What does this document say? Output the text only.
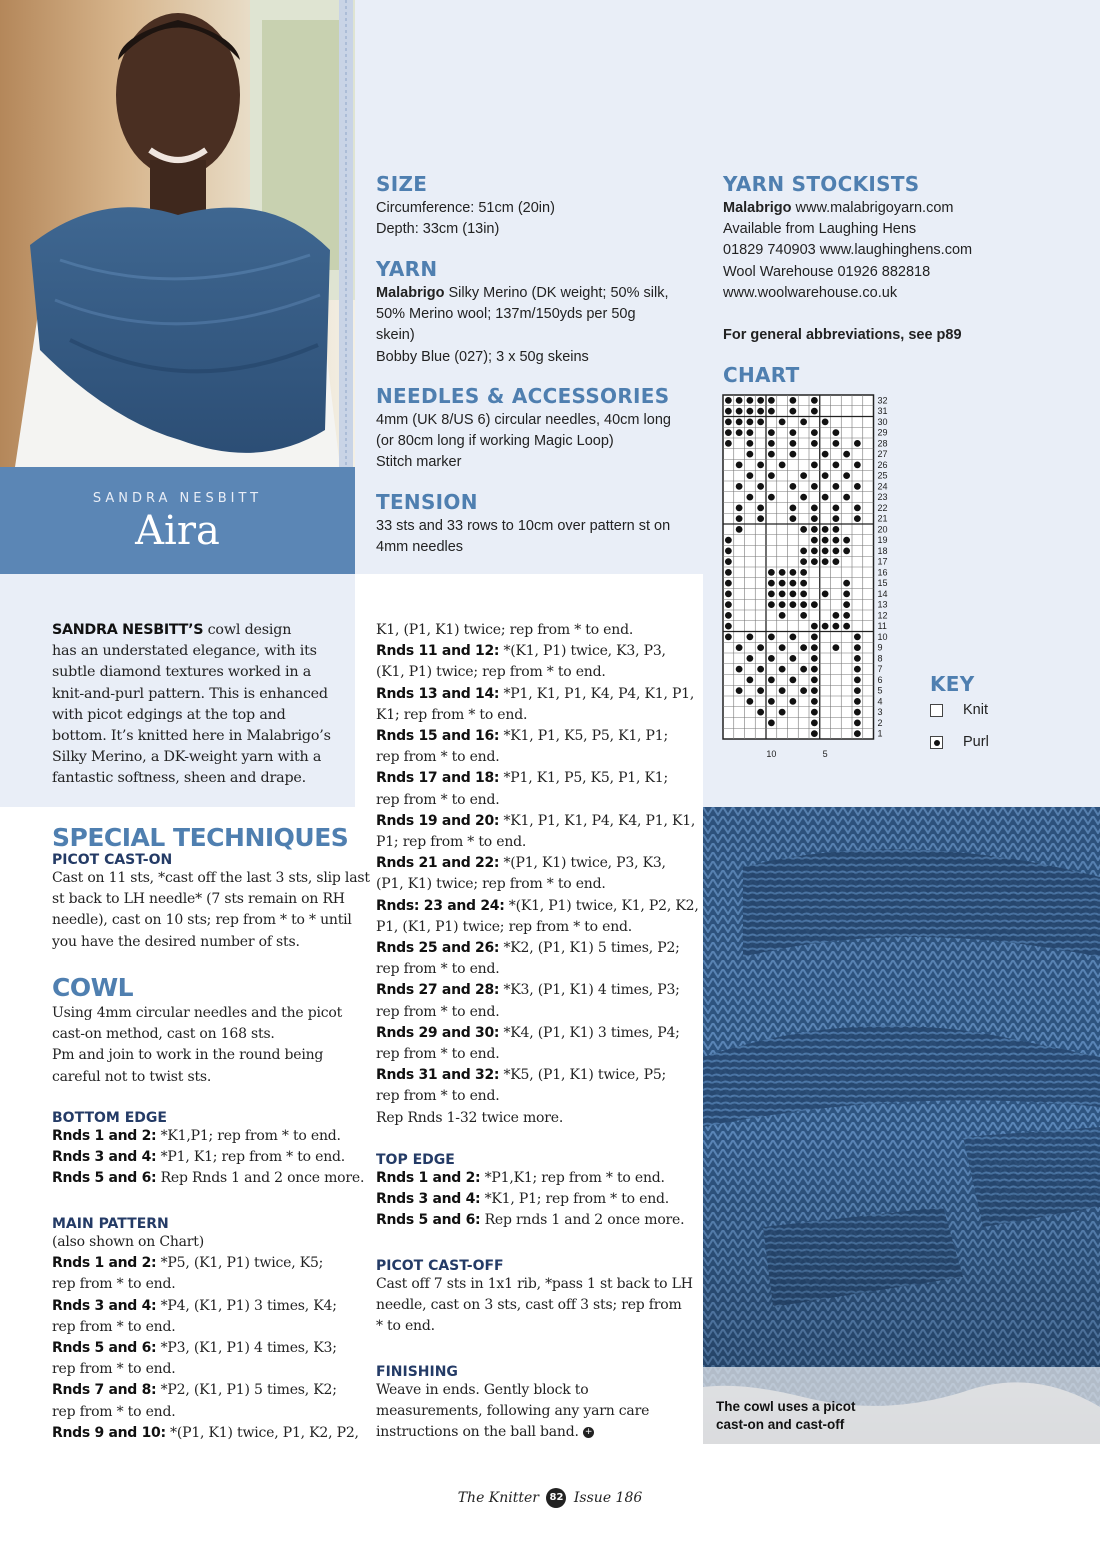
SANDRA NESBITT
Aira
SIZE
Circumference: 51cm (20in)
Depth: 33cm (13in)
YARN
Malabrigo Silky Merino (DK weight; 50% silk,
50% Merino wool; 137m/150yds per 50g
skein)
Bobby Blue (027); 3 x 50g skeins
NEEDLES & ACCESSORIES
4mm (UK 8/US 6) circular needles, 40cm long
(or 80cm long if working Magic Loop)
Stitch marker
TENSION
33 sts and 33 rows to 10cm over pattern st on
4mm needles
YARN STOCKISTS
Malabrigo www.malabrigoyarn.com
Available from Laughing Hens
01829 740903 www.laughinghens.com
Wool Warehouse 01926 882818
www.woolwarehouse.co.uk
For general abbreviations, see p89
CHART
32
31
30
29
28
27
26
25
24
23
22
21
20
19
18
17
16
15
14
13
12
11
10
9
8
7
6
5
4
3
2
1
10	5
KEY
Knit
Purl
SANDRA NESBITT’S cowl design
has an understated elegance, with its
subtle diamond textures worked in a
knit-and-purl pattern. This is enhanced
with picot edgings at the top and
bottom. It’s knitted here in Malabrigo’s
Silky Merino, a DK-weight yarn with a
fantastic softness, sheen and drape.
SPECIAL TECHNIQUES
PICOT CAST-ON
Cast on 11 sts, *cast off the last 3 sts, slip last
st back to LH needle* (7 sts remain on RH
needle), cast on 10 sts; rep from * to * until
you have the desired number of sts.
COWL
Using 4mm circular needles and the picot
cast-on method, cast on 168 sts.
Pm and join to work in the round being
careful not to twist sts.
BOTTOM EDGE
Rnds 1 and 2: *K1,P1; rep from * to end.
Rnds 3 and 4: *P1, K1; rep from * to end.
Rnds 5 and 6: Rep Rnds 1 and 2 once more.
MAIN PATTERN
(also shown on Chart)
Rnds 1 and 2: *P5, (K1, P1) twice, K5;
rep from * to end.
Rnds 3 and 4: *P4, (K1, P1) 3 times, K4;
rep from * to end.
Rnds 5 and 6: *P3, (K1, P1) 4 times, K3;
rep from * to end.
Rnds 7 and 8: *P2, (K1, P1) 5 times, K2;
rep from * to end.
Rnds 9 and 10: *(P1, K1) twice, P1, K2, P2,
K1, (P1, K1) twice; rep from * to end.
Rnds 11 and 12: *(K1, P1) twice, K3, P3,
(K1, P1) twice; rep from * to end.
Rnds 13 and 14: *P1, K1, P1, K4, P4, K1, P1,
K1; rep from * to end.
Rnds 15 and 16: *K1, P1, K5, P5, K1, P1;
rep from * to end.
Rnds 17 and 18: *P1, K1, P5, K5, P1, K1;
rep from * to end.
Rnds 19 and 20: *K1, P1, K1, P4, K4, P1, K1,
P1; rep from * to end.
Rnds 21 and 22: *(P1, K1) twice, P3, K3,
(P1, K1) twice; rep from * to end.
Rnds: 23 and 24: *(K1, P1) twice, K1, P2, K2,
P1, (K1, P1) twice; rep from * to end.
Rnds 25 and 26: *K2, (P1, K1) 5 times, P2;
rep from * to end.
Rnds 27 and 28: *K3, (P1, K1) 4 times, P3;
rep from * to end.
Rnds 29 and 30: *K4, (P1, K1) 3 times, P4;
rep from * to end.
Rnds 31 and 32: *K5, (P1, K1) twice, P5;
rep from * to end.
Rep Rnds 1-32 twice more.
TOP EDGE
Rnds 1 and 2: *P1,K1; rep from * to end.
Rnds 3 and 4: *K1, P1; rep from * to end.
Rnds 5 and 6: Rep rnds 1 and 2 once more.
PICOT CAST-OFF
Cast off 7 sts in 1x1 rib, *pass 1 st back to LH
needle, cast on 3 sts, cast off 3 sts; rep from
* to end.
FINISHING
Weave in ends. Gently block to
measurements, following any yarn care
instructions on the ball band. +
The cowl uses a picot
cast-on and cast-off
The Knitter 82 Issue 186
